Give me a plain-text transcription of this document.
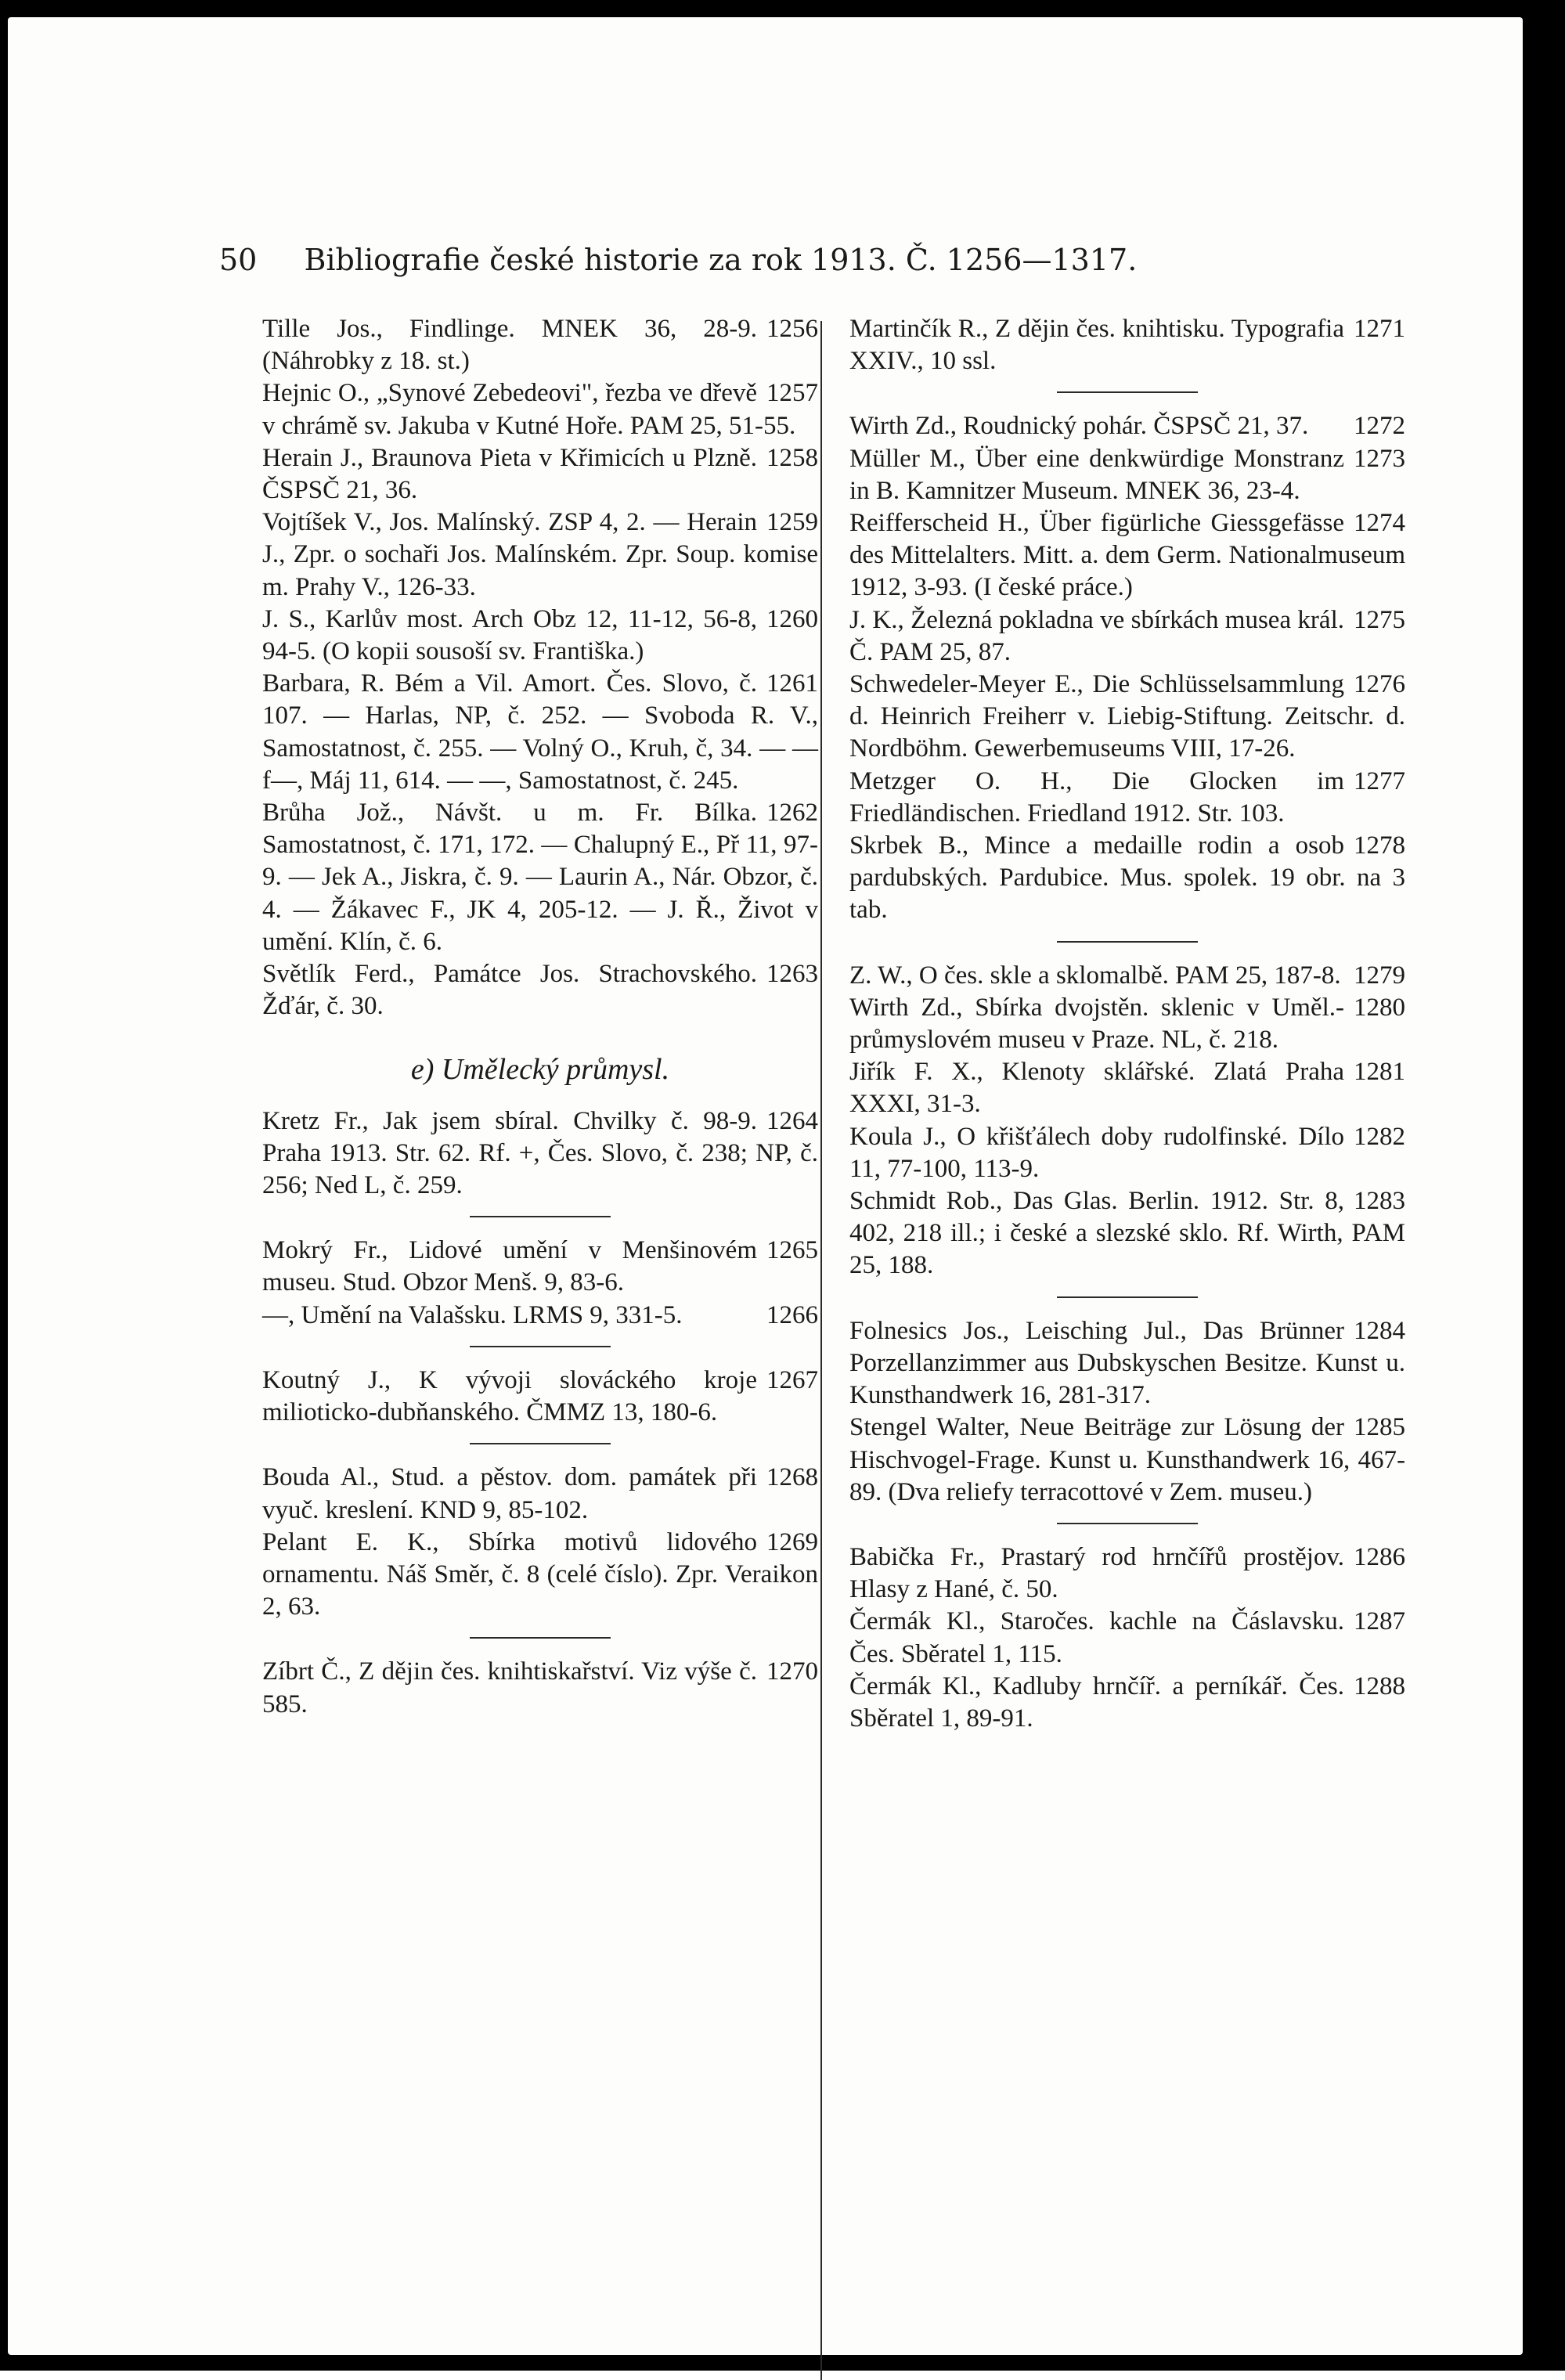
50 Bibliografie české historie za rok 1913. Č. 1256—1317.
1256
Tille Jos., Findlinge. MNEK 36, 28-9. (Náhrobky z 18. st.)
1257
Hejnic O., „Synové Zebedeovi", řezba ve dřevě v chrámě sv. Jakuba v Kutné Hoře. PAM 25, 51-55.
1258
Herain J., Braunova Pieta v Křimicích u Plzně. ČSPSČ 21, 36.
1259
Vojtíšek V., Jos. Malínský. ZSP 4, 2. — Herain J., Zpr. o sochaři Jos. Malínském. Zpr. Soup. komise m. Prahy V., 126-33.
1260
J. S., Karlův most. Arch Obz 12, 11-12, 56-8, 94-5. (O kopii sousoší sv. Františka.)
1261
Barbara, R. Bém a Vil. Amort. Čes. Slovo, č. 107. — Harlas, NP, č. 252. — Svoboda R. V., Samostatnost, č. 255. — Volný O., Kruh, č, 34. — —f—, Máj 11, 614. — —, Samostatnost, č. 245.
1262
Brůha Jož., Návšt. u m. Fr. Bílka. Samostatnost, č. 171, 172. — Chalupný E., Př 11, 97-9. — Jek A., Jiskra, č. 9. — Laurin A., Nár. Obzor, č. 4. — Žákavec F., JK 4, 205-12. — J. Ř., Život v umění. Klín, č. 6.
1263
Světlík Ferd., Památce Jos. Strachovského. Žďár, č. 30.
e) Umělecký průmysl.
1264
Kretz Fr., Jak jsem sbíral. Chvilky č. 98-9. Praha 1913. Str. 62. Rf. +, Čes. Slovo, č. 238; NP, č. 256; Ned L, č. 259.
1265
Mokrý Fr., Lidové umění v Menšinovém museu. Stud. Obzor Menš. 9, 83-6.
1266
—, Umění na Valašsku. LRMS 9, 331-5.
1267
Koutný J., K vývoji slováckého kroje milioticko-dubňanského. ČMMZ 13, 180-6.
1268
Bouda Al., Stud. a pěstov. dom. památek při vyuč. kreslení. KND 9, 85-102.
1269
Pelant E. K., Sbírka motivů lidového ornamentu. Náš Směr, č. 8 (celé číslo). Zpr. Veraikon 2, 63.
1270
Zíbrt Č., Z dějin čes. knihtiskařství. Viz výše č. 585.
1271
Martinčík R., Z dějin čes. knihtisku. Typografia XXIV., 10 ssl.
1272
Wirth Zd., Roudnický pohár. ČSPSČ 21, 37.
1273
Müller M., Über eine denkwürdige Monstranz in B. Kamnitzer Museum. MNEK 36, 23-4.
1274
Reifferscheid H., Über figürliche Giessgefässe des Mittelalters. Mitt. a. dem Germ. Nationalmuseum 1912, 3-93. (I české práce.)
1275
J. K., Železná pokladna ve sbírkách musea král. Č. PAM 25, 87.
1276
Schwedeler-Meyer E., Die Schlüsselsammlung d. Heinrich Freiherr v. Liebig-Stiftung. Zeitschr. d. Nordböhm. Gewerbemuseums VIII, 17-26.
1277
Metzger O. H., Die Glocken im Friedländischen. Friedland 1912. Str. 103.
1278
Skrbek B., Mince a medaille rodin a osob pardubských. Pardubice. Mus. spolek. 19 obr. na 3 tab.
1279
Z. W., O čes. skle a sklomalbě. PAM 25, 187-8.
1280
Wirth Zd., Sbírka dvojstěn. sklenic v Uměl.-průmyslovém museu v Praze. NL, č. 218.
1281
Jiřík F. X., Klenoty sklářské. Zlatá Praha XXXI, 31-3.
1282
Koula J., O křišťálech doby rudolfinské. Dílo 11, 77-100, 113-9.
1283
Schmidt Rob., Das Glas. Berlin. 1912. Str. 8, 402, 218 ill.; i české a slezské sklo. Rf. Wirth, PAM 25, 188.
1284
Folnesics Jos., Leisching Jul., Das Brünner Porzellanzimmer aus Dubskyschen Besitze. Kunst u. Kunsthandwerk 16, 281-317.
1285
Stengel Walter, Neue Beiträge zur Lösung der Hischvogel-Frage. Kunst u. Kunsthandwerk 16, 467-89. (Dva reliefy terracottové v Zem. museu.)
1286
Babička Fr., Prastarý rod hrnčířů prostějov. Hlasy z Hané, č. 50.
1287
Čermák Kl., Staročes. kachle na Čáslavsku. Čes. Sběratel 1, 115.
1288
Čermák Kl., Kadluby hrnčíř. a perníkář. Čes. Sběratel 1, 89-91.
